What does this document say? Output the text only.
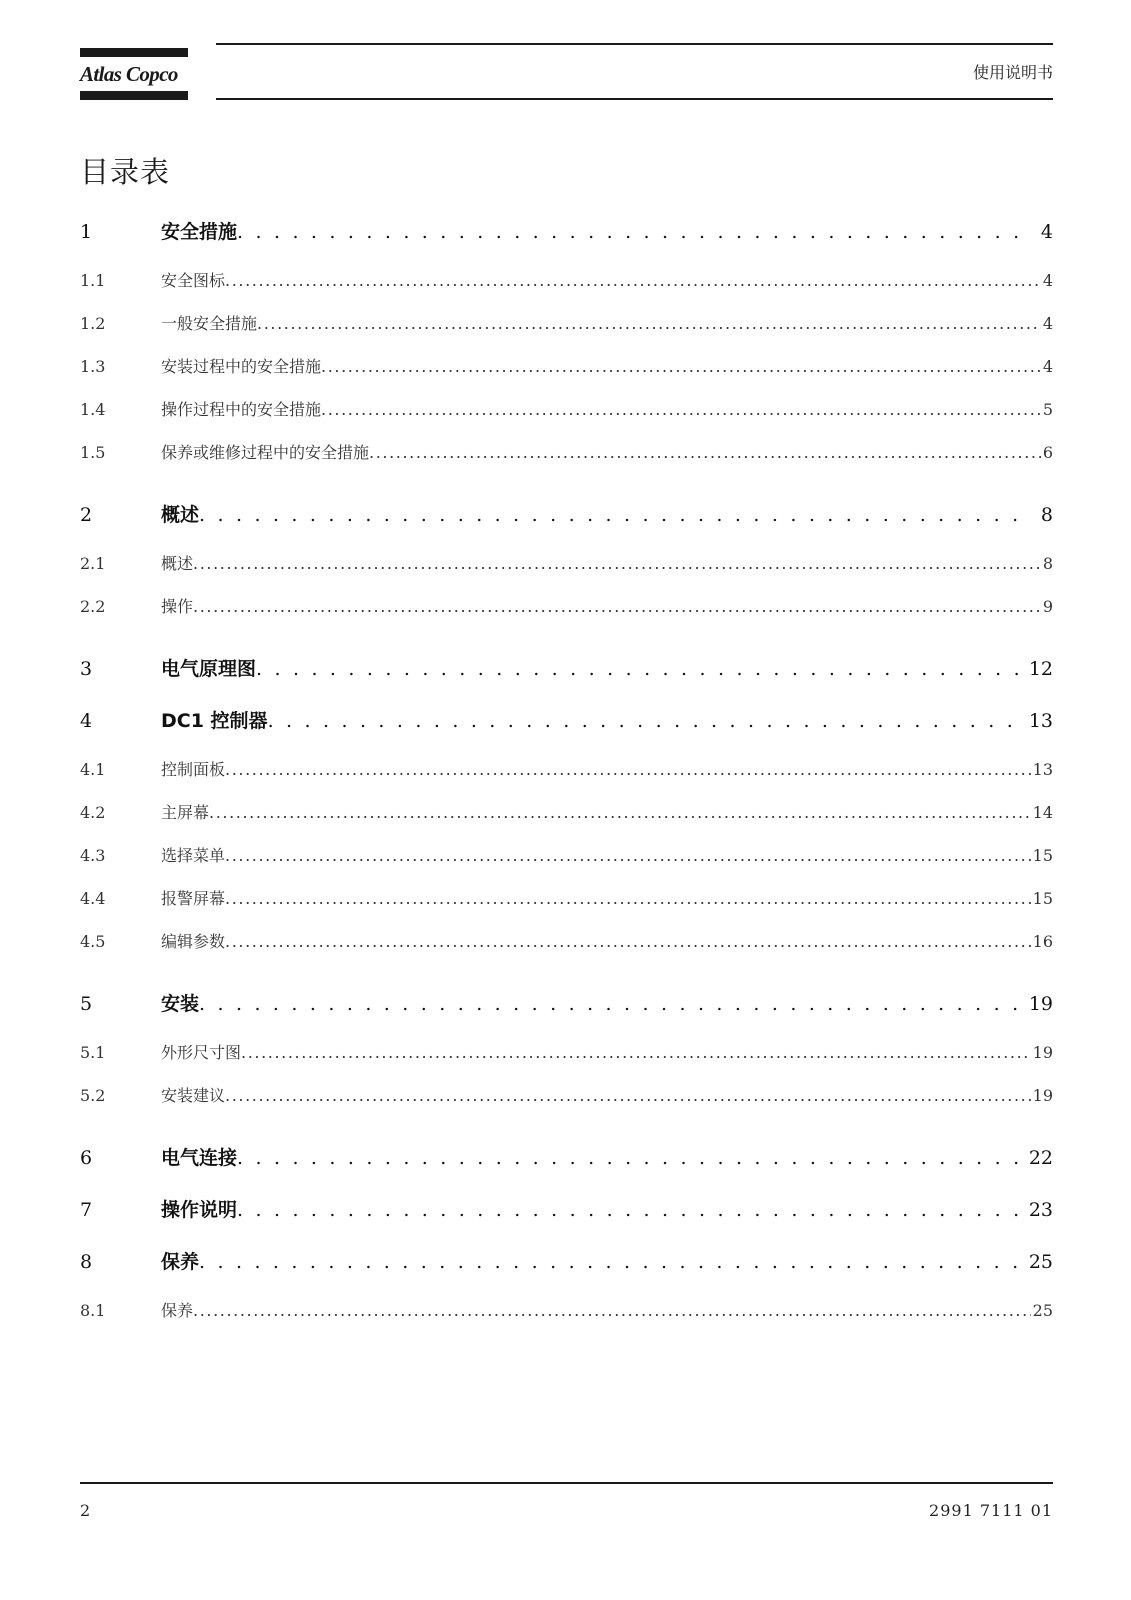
Atlas Copco	使用说明书
目录表
1	安全措施 . . .	4
1.1	安全图标 .....	4
1.2	一般安全措施 .....	4
1.3	安装过程中的安全措施 .....	4
1.4	操作过程中的安全措施 .....	5
1.5	保养或维修过程中的安全措施 .....	6
2	概述 . . .	8
2.1	概述 .....	8
2.2	操作 .....	9
3	电气原理图 . . .	12
4	DC1 控制器 . . .	13
4.1	控制面板 .....	13
4.2	主屏幕 .....	14
4.3	选择菜单 .....	15
4.4	报警屏幕 .....	15
4.5	编辑参数 .....	16
5	安装 . . .	19
5.1	外形尺寸图 .....	19
5.2	安装建议 .....	19
6	电气连接 . . .	22
7	操作说明 . . .	23
8	保养 . . .	25
8.1	保养 .....	25
2	2991 7111 01
